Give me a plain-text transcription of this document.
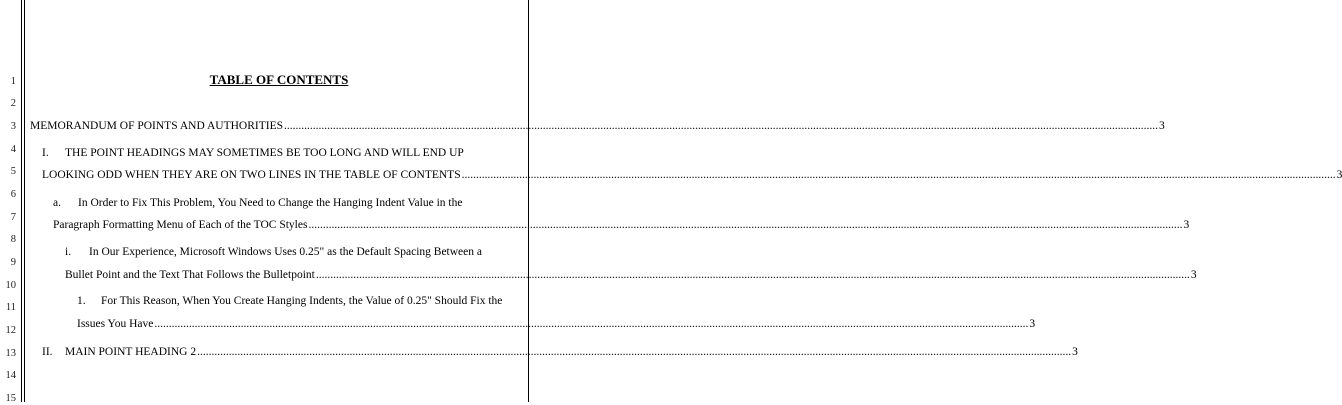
1
2
3
4
5
6
7
8
9
10
11
12
13
14
15
TABLE OF CONTENTS
MEMORANDUM OF POINTS AND AUTHORITIES .....	3
I.	THE POINT HEADINGS MAY SOMETIMES BE TOO LONG AND WILL END UP
LOOKING ODD WHEN THEY ARE ON TWO LINES IN THE TABLE OF CONTENTS .....	3
a.	In Order to Fix This Problem, You Need to Change the Hanging Indent Value in the
Paragraph Formatting Menu of Each of the TOC Styles .....	3
i.	In Our Experience, Microsoft Windows Uses 0.25" as the Default Spacing Between a
Bullet Point and the Text That Follows the Bulletpoint .....	3
1.	For This Reason, When You Create Hanging Indents, the Value of 0.25" Should Fix the
Issues You Have .....	3
II.	MAIN POINT HEADING 2 .....	3
